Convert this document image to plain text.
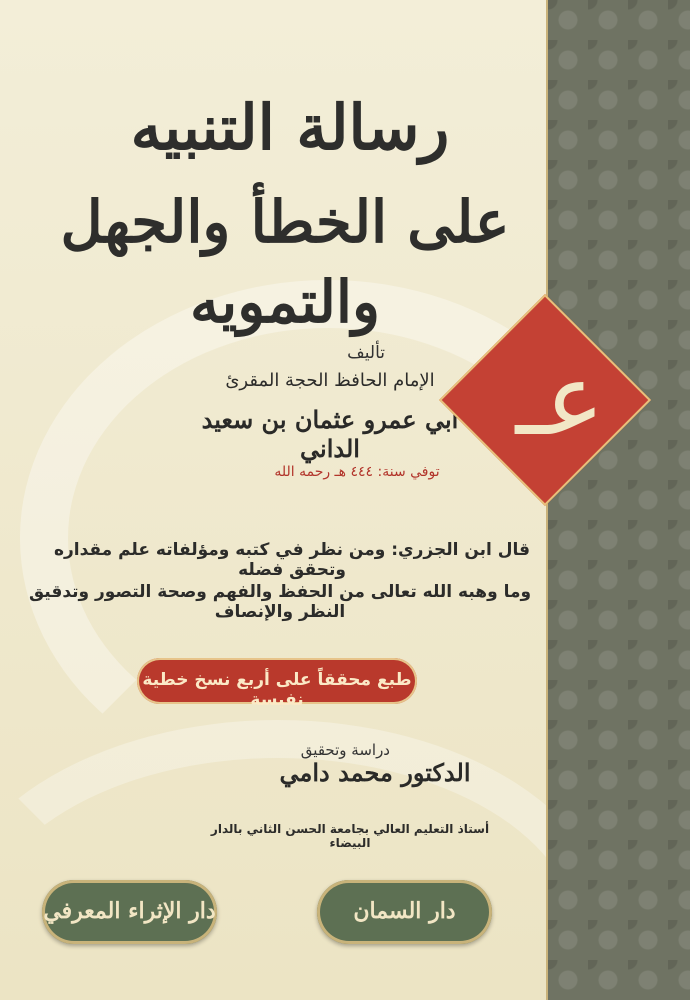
رسالة التنبيه
على الخطأ والجهل والتمويه
تأليف
الإمام الحافظ الحجة المقرئ
أبي عمرو عثمان بن سعيد الداني
توفي سنة: ٤٤٤ هـ رحمه الله
عـ
قال ابن الجزري: ومن نظر في كتبه ومؤلفاته علم مقداره وتحقق فضله
وما وهبه الله تعالى من الحفظ والفهم وصحة التصور وتدقيق النظر والإنصاف
طبع محققاً على أربع نسخ خطية نفيسة
دراسة وتحقيق
الدكتور محمد دامي
أستاذ التعليم العالي بجامعة الحسن الثاني بالدار البيضاء
دار السمان
دار الإثراء المعرفي
